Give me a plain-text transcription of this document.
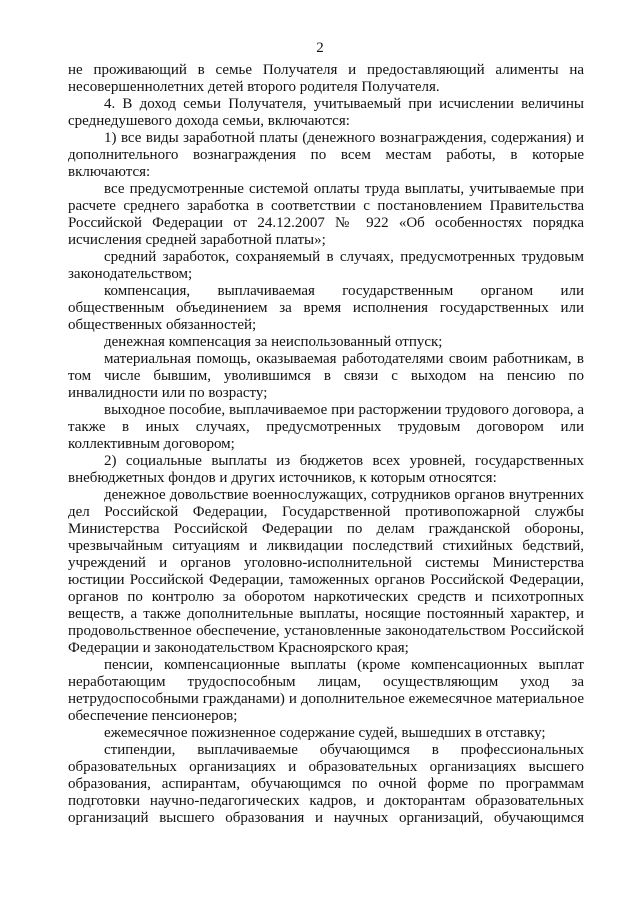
2

не проживающий в семье Получателя и предоставляющий алименты на несовершеннолетних детей второго родителя Получателя.

4. В доход семьи Получателя, учитываемый при исчислении величины среднедушевого дохода семьи, включаются:

1) все виды заработной платы (денежного вознаграждения, содержания) и дополнительного вознаграждения по всем местам работы, в которые включаются:

все предусмотренные системой оплаты труда выплаты, учитываемые при расчете среднего заработка в соответствии с постановлением Правительства Российской Федерации от 24.12.2007 № 922 «Об особенностях порядка исчисления средней заработной платы»;

средний заработок, сохраняемый в случаях, предусмотренных трудовым законодательством;

компенсация, выплачиваемая государственным органом или общественным объединением за время исполнения государственных или общественных обязанностей;

денежная компенсация за неиспользованный отпуск;

материальная помощь, оказываемая работодателями своим работникам, в том числе бывшим, уволившимся в связи с выходом на пенсию по инвалидности или по возрасту;

выходное пособие, выплачиваемое при расторжении трудового договора, а также в иных случаях, предусмотренных трудовым договором или коллективным договором;

2) социальные выплаты из бюджетов всех уровней, государственных внебюджетных фондов и других источников, к которым относятся:

денежное довольствие военнослужащих, сотрудников органов внутренних дел Российской Федерации, Государственной противопожарной службы Министерства Российской Федерации по делам гражданской обороны, чрезвычайным ситуациям и ликвидации последствий стихийных бедствий, учреждений и органов уголовно-исполнительной системы Министерства юстиции Российской Федерации, таможенных органов Российской Федерации, органов по контролю за оборотом наркотических средств и психотропных веществ, а также дополнительные выплаты, носящие постоянный характер, и продовольственное обеспечение, установленные законодательством Российской Федерации и законодательством Красноярского края;

пенсии, компенсационные выплаты (кроме компенсационных выплат неработающим трудоспособным лицам, осуществляющим уход за нетрудоспособными гражданами) и дополнительное ежемесячное материальное обеспечение пенсионеров;

ежемесячное пожизненное содержание судей, вышедших в отставку;

стипендии, выплачиваемые обучающимся в профессиональных образовательных организациях и образовательных организациях высшего образования, аспирантам, обучающимся по очной форме по программам подготовки научно-педагогических кадров, и докторантам образовательных организаций высшего образования и научных организаций, обучающимся
